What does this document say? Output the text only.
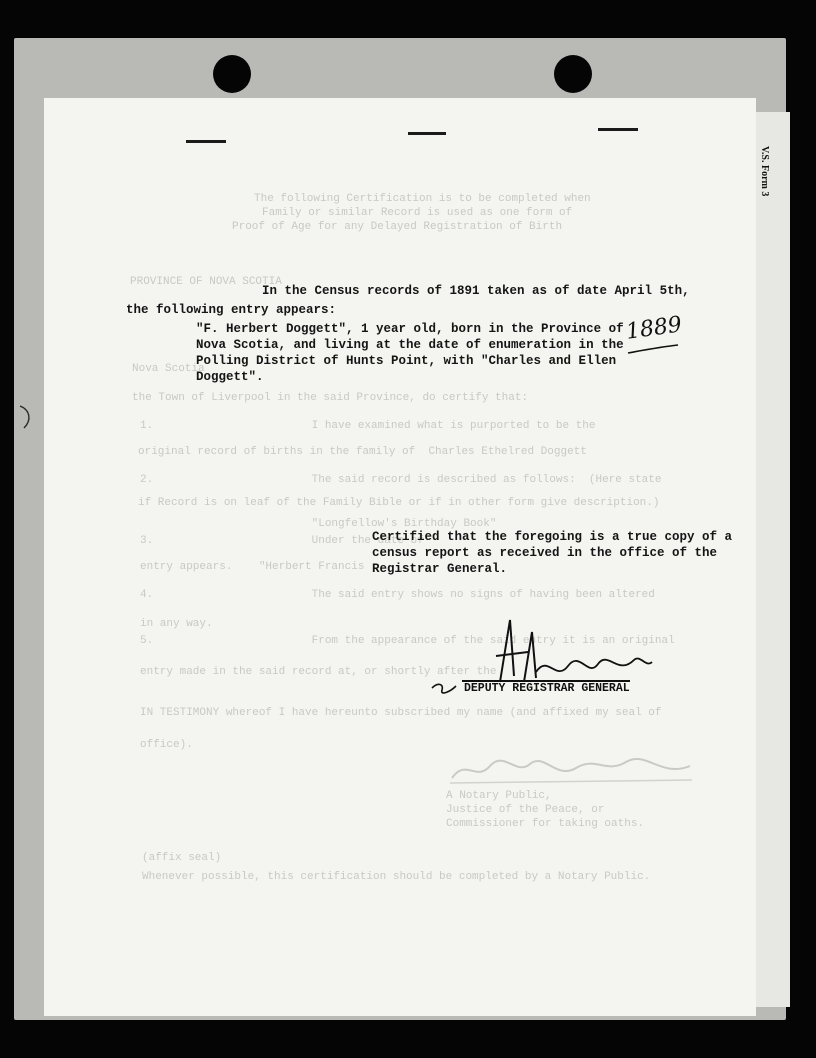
V.S. Form 3
The following Certification is to be completed when
Family or similar Record is used as one form of
Proof of Age for any Delayed Registration of Birth
PROVINCE OF NOVA SCOTIA
Nova Scotia
the Town of Liverpool in the said Province, do certify that:
1.                        I have examined what is purported to be the
original record of births in the family of  Charles Ethelred Doggett
2.                        The said record is described as follows:  (Here state
if Record is on leaf of the Family Bible or if in other form give description.)
"Longfellow's Birthday Book"
3.                        Under the date of
entry appears.    "Herbert Francis
4.                        The said entry shows no signs of having been altered
in any way.
5.                        From the appearance of the said entry it is an original
entry made in the said record at, or shortly after the
IN TESTIMONY whereof I have hereunto subscribed my name (and affixed my seal of
office).
A Notary Public,
Justice of the Peace, or
Commissioner for taking oaths.
(affix seal)
Whenever possible, this certification should be completed by a Notary Public.
In the Census records of 1891 taken as of date April 5th,
the following entry appears:
"F. Herbert Doggett", 1 year old, born in the Province of
Nova Scotia, and living at the date of enumeration in the
Polling District of Hunts Point, with "Charles and Ellen
Doggett".
1889
Certified that the foregoing is a true copy of a
census report as received in the office of the
Registrar General.
DEPUTY REGISTRAR GENERAL
